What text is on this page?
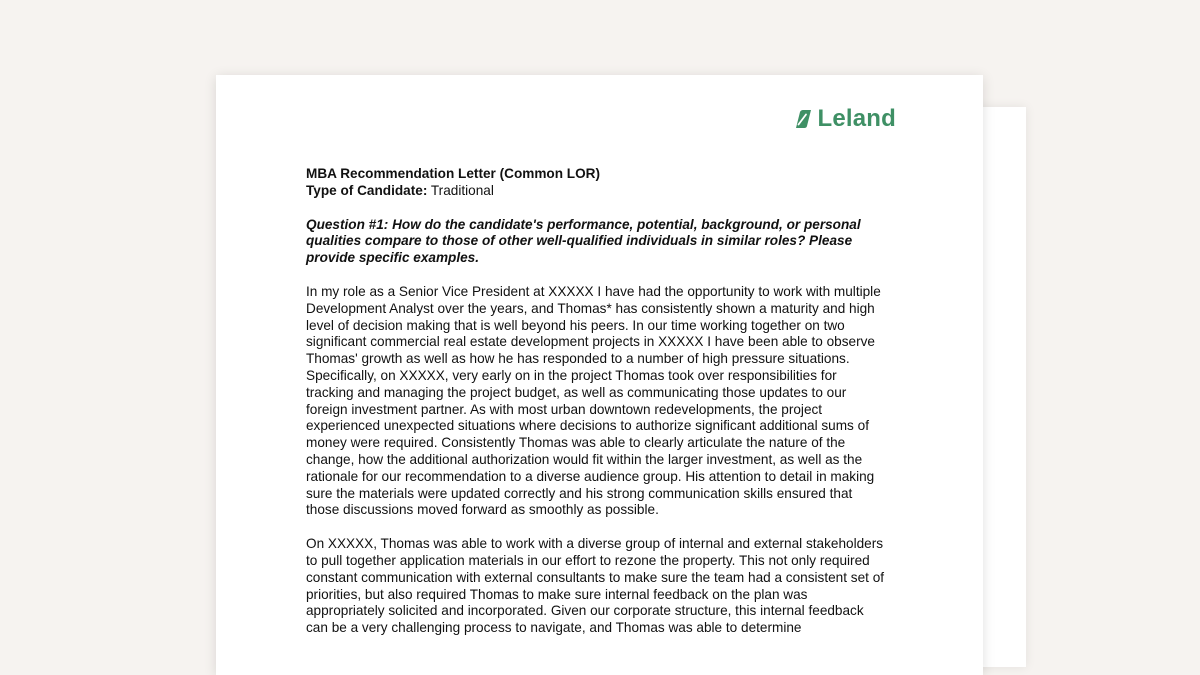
Leland

MBA Recommendation Letter (Common LOR)

Type of Candidate: Traditional

Question #1: How do the candidate's performance, potential, background, or personal qualities compare to those of other well-qualified individuals in similar roles? Please provide specific examples.

In my role as a Senior Vice President at XXXXX I have had the opportunity to work with multiple Development Analyst over the years, and Thomas* has consistently shown a maturity and high level of decision making that is well beyond his peers. In our time working together on two significant commercial real estate development projects in XXXXX I have been able to observe Thomas' growth as well as how he has responded to a number of high pressure situations. Specifically, on XXXXX, very early on in the project Thomas took over responsibilities for tracking and managing the project budget, as well as communicating those updates to our foreign investment partner. As with most urban downtown redevelopments, the project experienced unexpected situations where decisions to authorize significant additional sums of money were required. Consistently Thomas was able to clearly articulate the nature of the change, how the additional authorization would fit within the larger investment, as well as the rationale for our recommendation to a diverse audience group. His attention to detail in making sure the materials were updated correctly and his strong communication skills ensured that those discussions moved forward as smoothly as possible.

On XXXXX, Thomas was able to work with a diverse group of internal and external stakeholders to pull together application materials in our effort to rezone the property. This not only required constant communication with external consultants to make sure the team had a consistent set of priorities, but also required Thomas to make sure internal feedback on the plan was appropriately solicited and incorporated. Given our corporate structure, this internal feedback can be a very challenging process to navigate, and Thomas was able to determine
